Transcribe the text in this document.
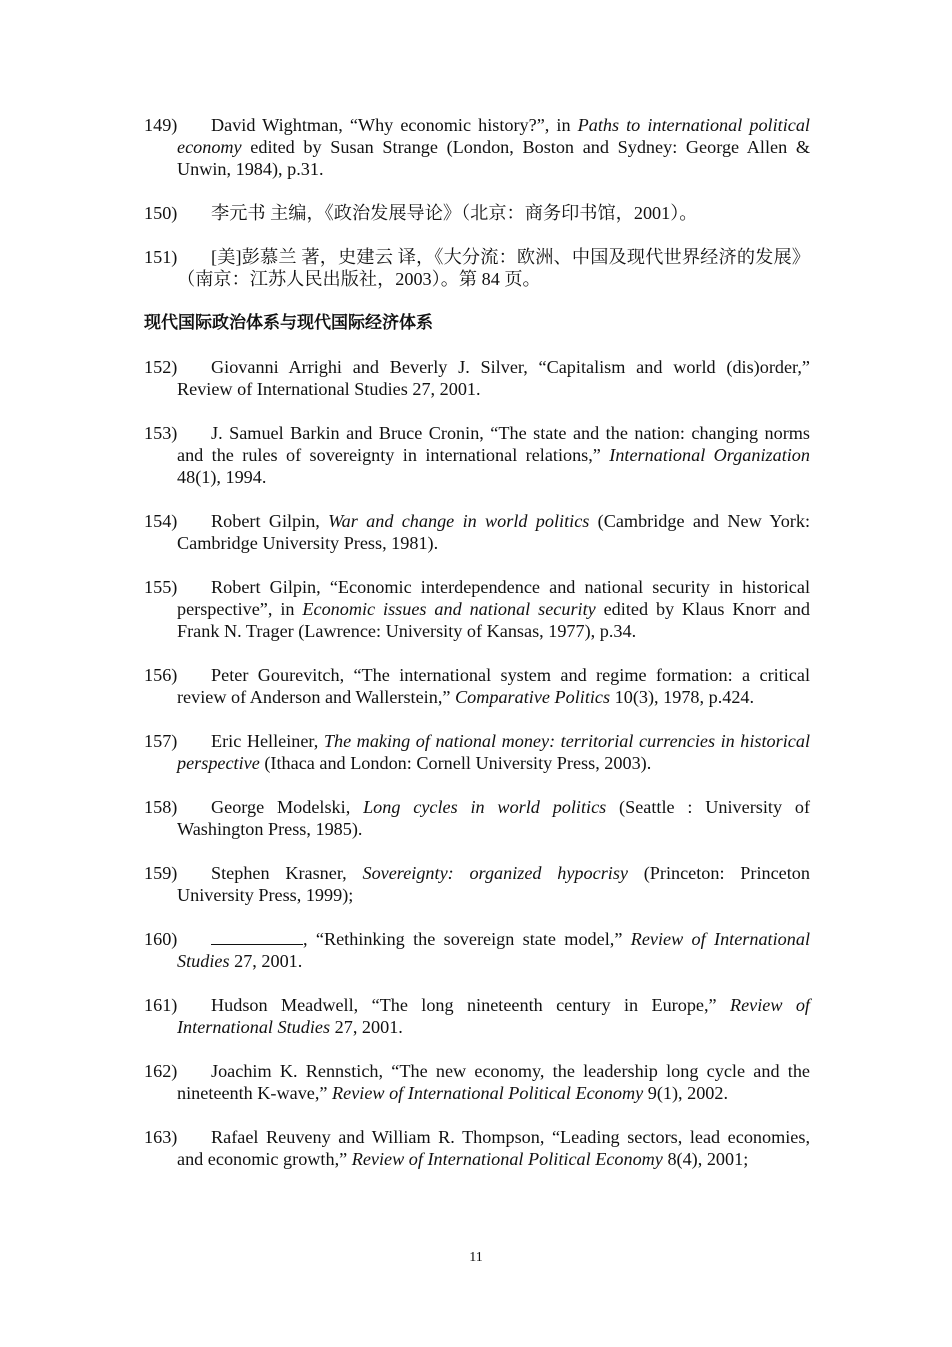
149) David Wightman, “Why economic history?”, in Paths to international political economy edited by Susan Strange (London, Boston and Sydney: George Allen & Unwin, 1984), p.31.
150) 李元书 主编，《政治发展导论》（北京：商务印书馆，2001）。
151) [美]彭慕兰 著，史建云 译，《大分流：欧洲、中国及现代世界经济的发展》（南京：江苏人民出版社，2003）。第 84 页。
现代国际政治体系与现代国际经济体系
152) Giovanni Arrighi and Beverly J. Silver, “Capitalism and world (dis)order,” Review of International Studies 27, 2001.
153) J. Samuel Barkin and Bruce Cronin, “The state and the nation: changing norms and the rules of sovereignty in international relations,” International Organization 48(1), 1994.
154) Robert Gilpin, War and change in world politics (Cambridge and New York: Cambridge University Press, 1981).
155) Robert Gilpin, “Economic interdependence and national security in historical perspective”, in Economic issues and national security edited by Klaus Knorr and Frank N. Trager (Lawrence: University of Kansas, 1977), p.34.
156) Peter Gourevitch, “The international system and regime formation: a critical review of Anderson and Wallerstein,” Comparative Politics 10(3), 1978, p.424.
157) Eric Helleiner, The making of national money: territorial currencies in historical perspective (Ithaca and London: Cornell University Press, 2003).
158) George Modelski, Long cycles in world politics (Seattle : University of Washington Press, 1985).
159) Stephen Krasner, Sovereignty: organized hypocrisy (Princeton: Princeton University Press, 1999);
160)	, “Rethinking the sovereign state model,” Review of International Studies 27, 2001.
161) Hudson Meadwell, “The long nineteenth century in Europe,” Review of International Studies 27, 2001.
162) Joachim K. Rennstich, “The new economy, the leadership long cycle and the nineteenth K-wave,” Review of International Political Economy 9(1), 2002.
163) Rafael Reuveny and William R. Thompson, “Leading sectors, lead economies, and economic growth,” Review of International Political Economy 8(4), 2001;
11
